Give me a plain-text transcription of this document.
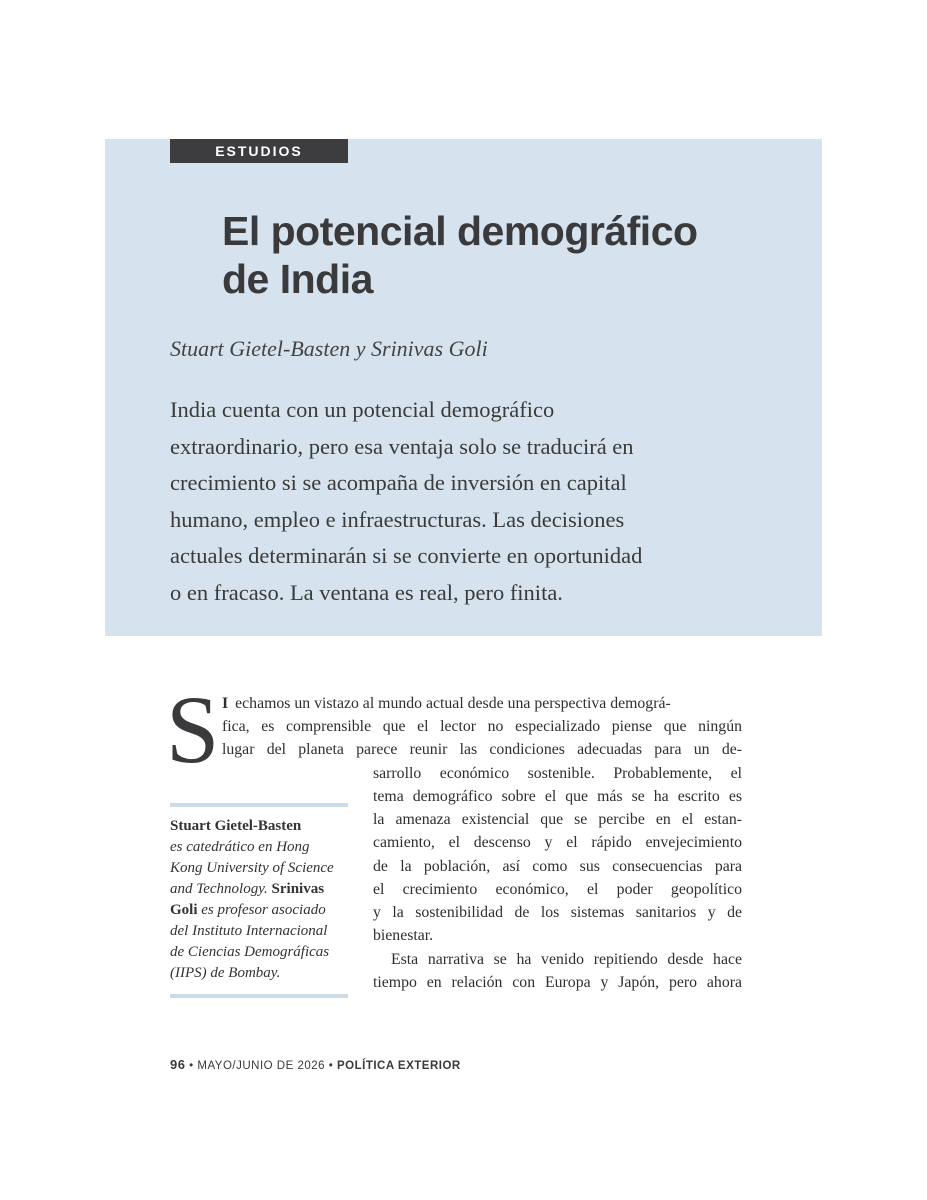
ESTUDIOS
El potencial demográfico
de India
Stuart Gietel-Basten y Srinivas Goli

India cuenta con un potencial demográfico
extraordinario, pero esa ventaja solo se traducirá en
crecimiento si se acompaña de inversión en capital
humano, empleo e infraestructuras. Las decisiones
actuales determinarán si se convierte en oportunidad
o en fracaso. La ventana es real, pero finita.

S I echamos un vistazo al mundo actual desde una perspectiva demográ-
fica, es comprensible que el lector no especializado piense que ningún
lugar del planeta parece reunir las condiciones adecuadas para un de-
sarrollo económico sostenible. Probablemente, el
tema demográfico sobre el que más se ha escrito es
la amenaza existencial que se percibe en el estan-
camiento, el descenso y el rápido envejecimiento
de la población, así como sus consecuencias para
el crecimiento económico, el poder geopolítico
y la sostenibilidad de los sistemas sanitarios y de
bienestar.
Esta narrativa se ha venido repitiendo desde hace
tiempo en relación con Europa y Japón, pero ahora
Stuart Gietel-Basten
es catedrático en Hong
Kong University of Science
and Technology. Srinivas
Goli es profesor asociado
del Instituto Internacional
de Ciencias Demográficas
(IIPS) de Bombay.
96 • MAYO/JUNIO DE 2026 • POLÍTICA EXTERIOR
